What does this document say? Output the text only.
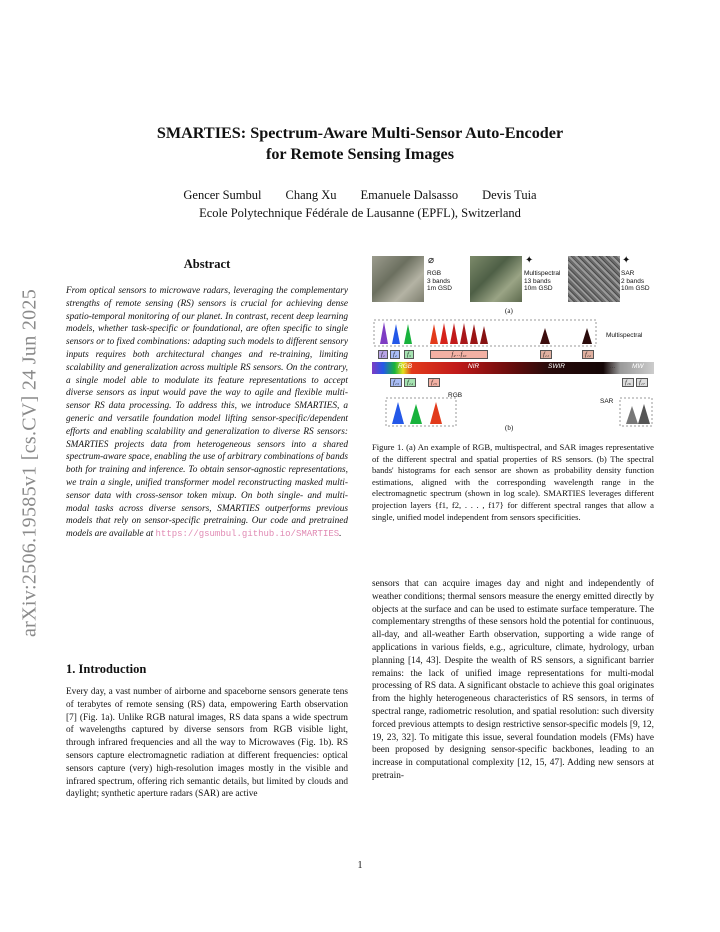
arXiv:2506.19585v1 [cs.CV] 24 Jun 2025
SMARTIES: Spectrum-Aware Multi-Sensor Auto-Encoder
for Remote Sensing Images
Gencer Sumbul Chang Xu Emanuele Dalsasso Devis Tuia
Ecole Polytechnique Fédérale de Lausanne (EPFL), Switzerland
Abstract
From optical sensors to microwave radars, leveraging the complementary strengths of remote sensing (RS) sensors is crucial for achieving dense spatio-temporal monitoring of our planet. In contrast, recent deep learning models, whether task-specific or foundational, are often specific to single sensors or to fixed combinations: adapting such models to different sensory inputs requires both architectural changes and re-training, limiting scalability and generalization across multiple RS sensors. On the contrary, a single model able to modulate its feature representations to accept diverse sensors as input would pave the way to agile and flexible multi-sensor RS data processing. To address this, we introduce SMARTIES, a generic and versatile foundation model lifting sensor-specific/dependent efforts and enabling scalability and generalization to diverse RS sensors: SMARTIES projects data from heterogeneous sensors into a shared spectrum-aware space, enabling the use of arbitrary combinations of bands both for training and inference. To obtain sensor-agnostic representations, we train a single, unified transformer model reconstructing masked multi-sensor data with cross-sensor token mixup. On both single- and multi-modal tasks across diverse sensors, SMARTIES outperforms previous models that rely on sensor-specific pretraining. Our code and pretrained models are available at https://gsumbul.github.io/SMARTIES.
1. Introduction
Every day, a vast number of airborne and spaceborne sensors generate tens of terabytes of remote sensing (RS) data, empowering Earth observation [7] (Fig. 1a). Unlike RGB natural images, RS data spans a wide spectrum of wavelengths captured by diverse sensors from RGB visible light, through infrared frequencies and all the way to Microwaves (Fig. 1b). RS sensors capture electromagnetic radiation at different frequencies: optical sensors capture (very) high-resolution images mostly in the visible and infrared spectrum, offering rich semantic details, but limited by clouds and daylight; synthetic aperture radars (SAR) are active
sensors that can acquire images day and night and independently of weather conditions; thermal sensors measure the energy emitted directly by objects at the surface and can be used to estimate surface temperature. The complementary strengths of these sensors hold the potential for continuous, all-day, and all-weather Earth observation, supporting a wide range of applications in various fields, e.g., agriculture, climate, hydrology, urban planning [14, 43]. Despite the wealth of RS sensors, a significant barrier remains: the lack of unified image representations for multi-modal processing of RS data. A significant obstacle to achieve this goal originates from the highly heterogeneous characteristics of RS sensors, in terms of spectral range, radiometric resolution, and spatial resolution: such diversity forced previous attempts to design restrictive sensor-specific models [9, 12, 19, 23, 32]. To mitigate this issue, several foundation models (FMs) have been proposed by designing sensor-specific backbones, leading to an increase in computational complexity [12, 15, 47]. Adding new sensors at pretrain-
⌀
RGB
3 bands
1m GSD
✦
Multispectral
13 bands
10m GSD
✦
SAR
2 bands
10m GSD
(a)
Multispectral
f₁	f₂	f₃	f₄…f₁₀	f₁₁	f₁₂
RGB	NIR	SWIR	...	MW
f₁₃	f₁₄	f₁₅	f₁₆	f₁₇
RGB
SAR
(b)
Figure 1. (a) An example of RGB, multispectral, and SAR images representative of the different spectral and spatial properties of RS sensors. (b) The spectral bands' histograms for each sensor are shown as probability density function estimations, aligned with the corresponding wavelength range in the electromagnetic spectrum (shown in log scale). SMARTIES leverages different projection layers {f1, f2, . . . , f17} for different spectral ranges that allow a single, unified model independent from sensors specificities.
1
